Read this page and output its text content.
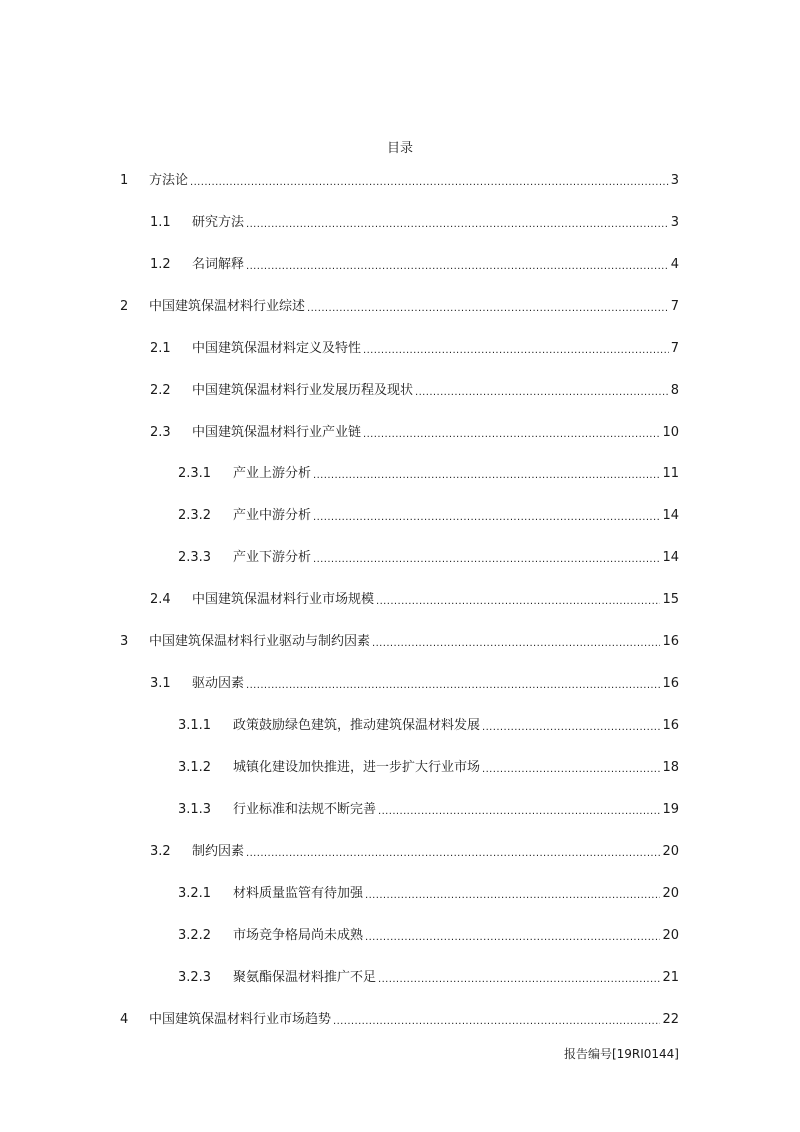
目录
1	方法论 .....	3
1.1	研究方法 .....	3
1.2	名词解释 .....	4
2	中国建筑保温材料行业综述 .....	7
2.1	中国建筑保温材料定义及特性 .....	7
2.2	中国建筑保温材料行业发展历程及现状 .....	8
2.3	中国建筑保温材料行业产业链 .....	10
2.3.1	产业上游分析 .....	11
2.3.2	产业中游分析 .....	14
2.3.3	产业下游分析 .....	14
2.4	中国建筑保温材料行业市场规模 .....	15
3	中国建筑保温材料行业驱动与制约因素 .....	16
3.1	驱动因素 .....	16
3.1.1	政策鼓励绿色建筑，推动建筑保温材料发展 .....	16
3.1.2	城镇化建设加快推进，进一步扩大行业市场 .....	18
3.1.3	行业标准和法规不断完善 .....	19
3.2	制约因素 .....	20
3.2.1	材料质量监管有待加强 .....	20
3.2.2	市场竞争格局尚未成熟 .....	20
3.2.3	聚氨酯保温材料推广不足 .....	21
4	中国建筑保温材料行业市场趋势 .....	22
报告编号[19RI0144]
